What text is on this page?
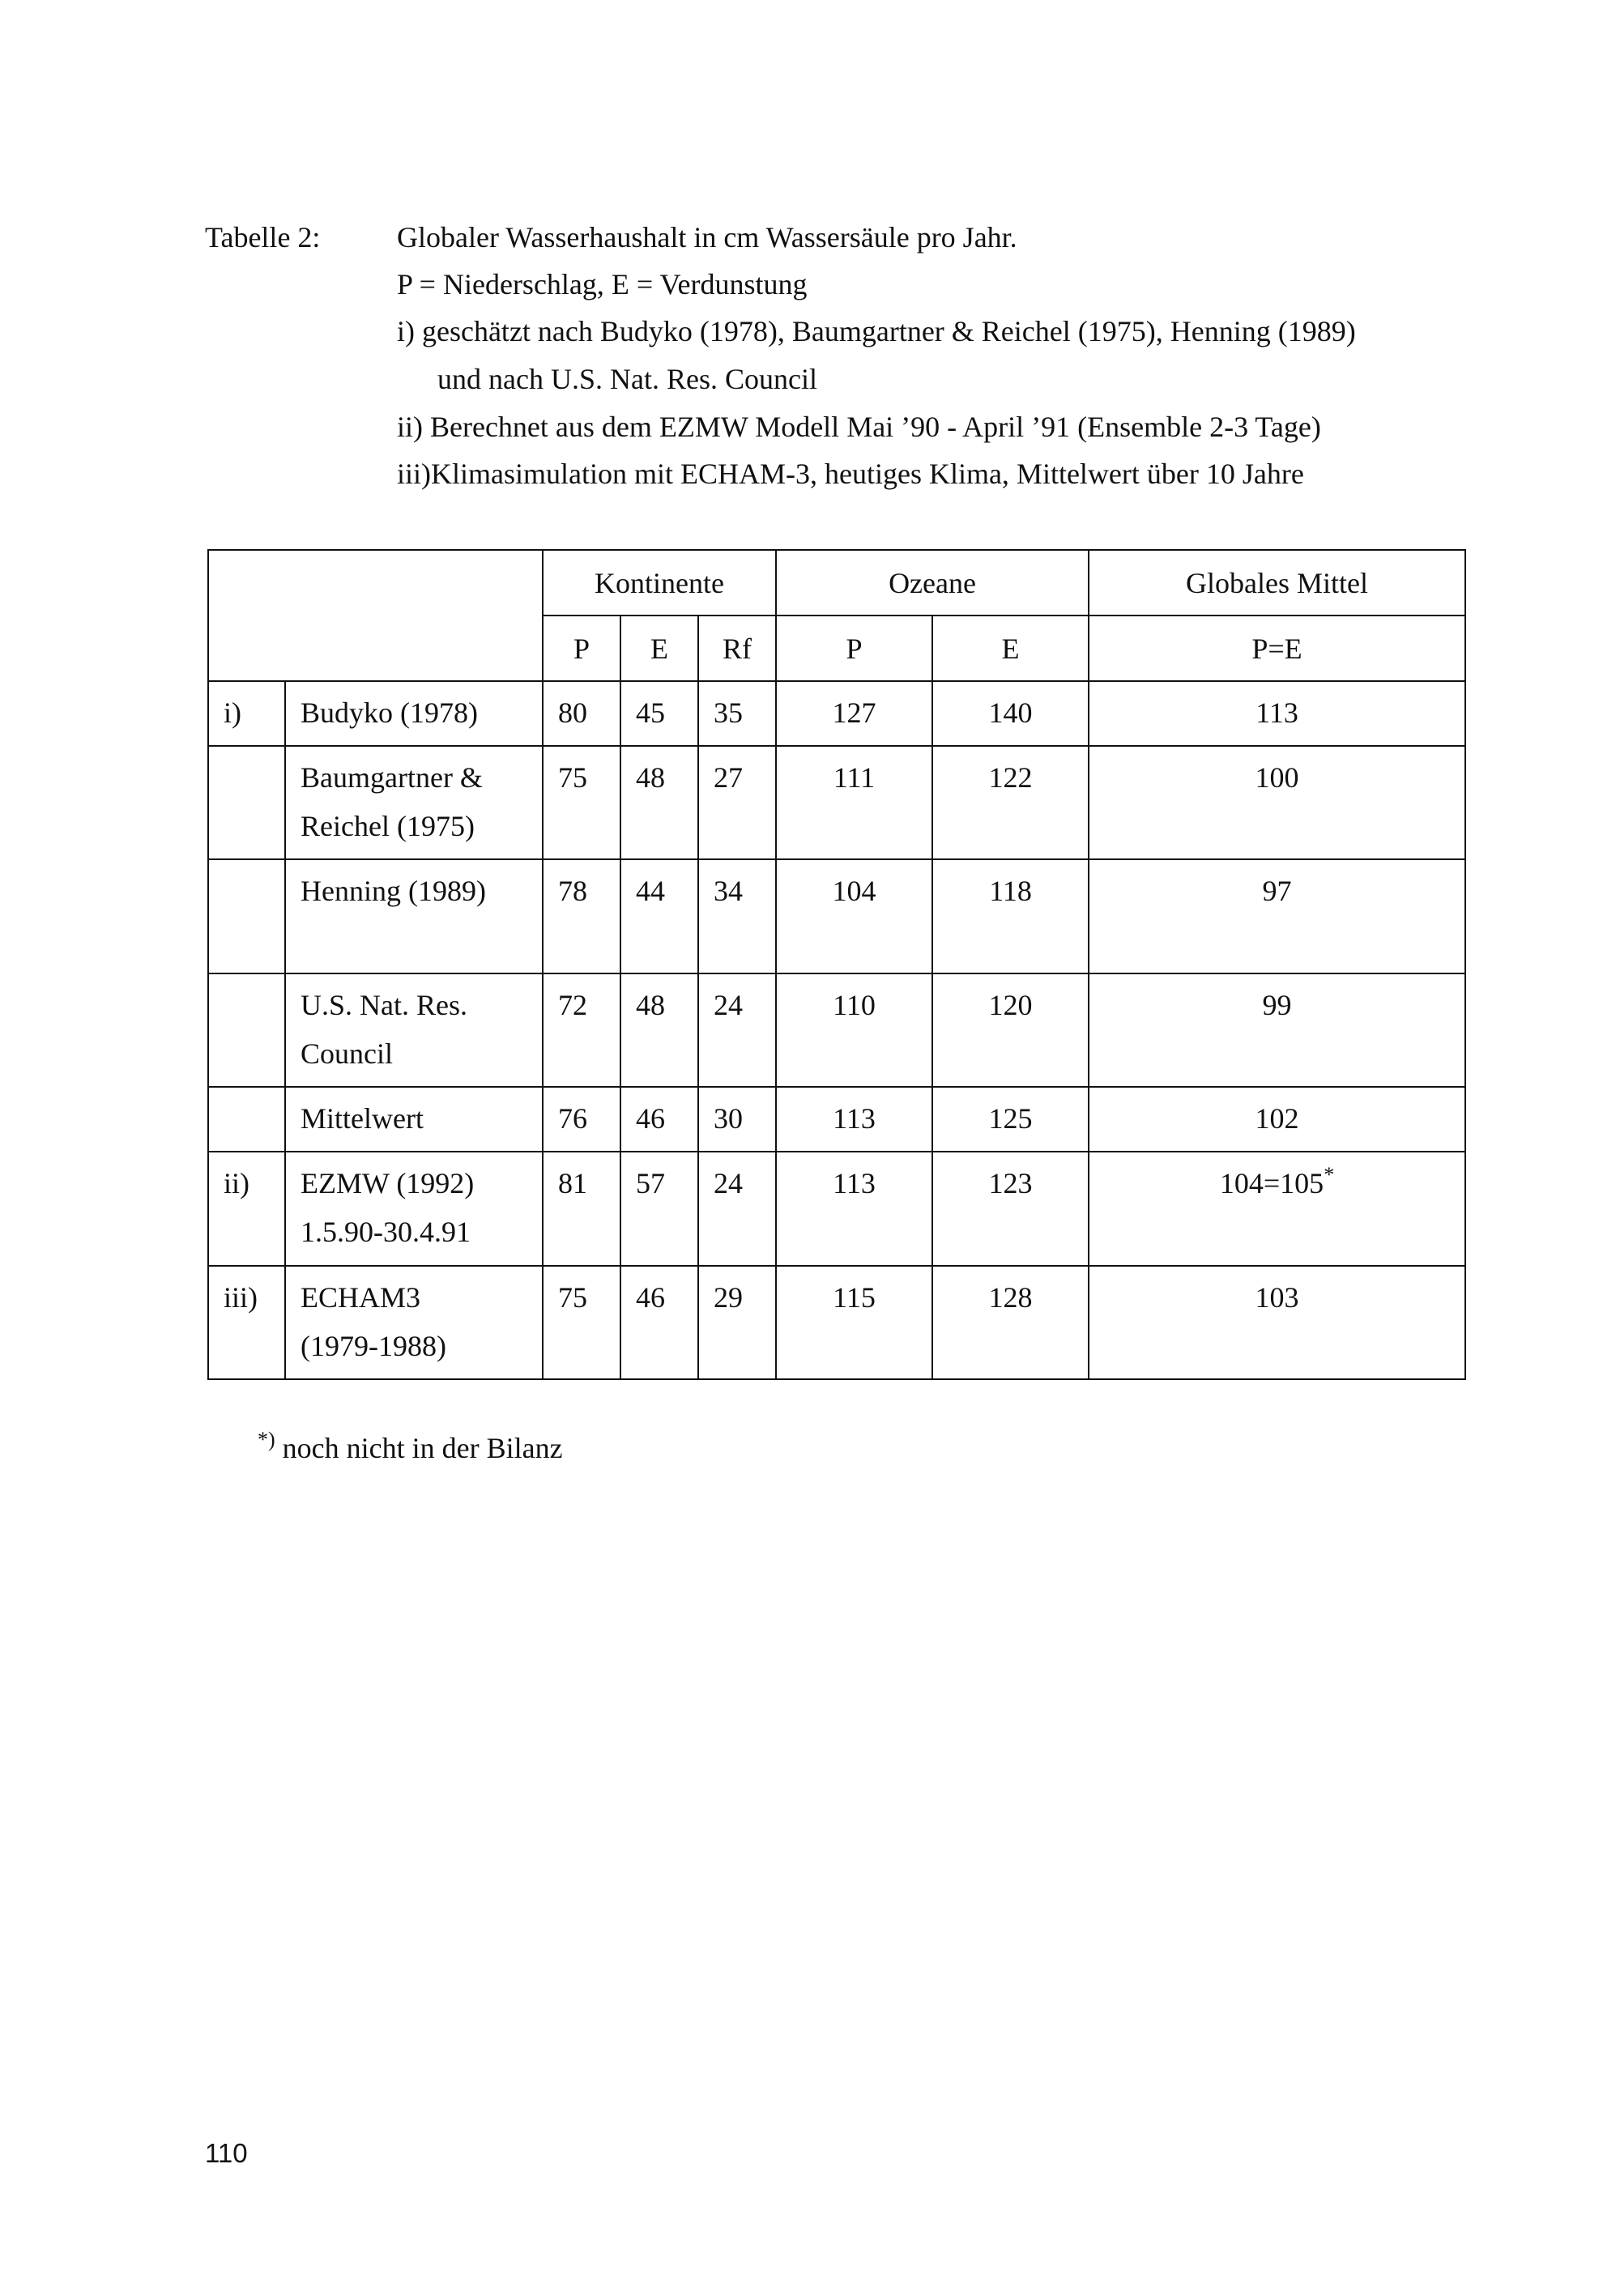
Tabelle 2:	Globaler Wasserhaushalt in cm Wassersäule pro Jahr.
P = Niederschlag, E = Verdunstung
i) geschätzt nach Budyko (1978), Baumgartner & Reichel (1975), Henning (1989)
und nach U.S. Nat. Res. Council
ii) Berechnet aus dem EZMW Modell Mai ’90 - April ’91 (Ensemble 2-3 Tage)
iii)Klimasimulation mit ECHAM-3, heutiges Klima, Mittelwert über 10 Jahre
		Kontinente			Ozeane		Globales Mittel
		P	E	Rf	P	E	P=E
i)	Budyko (1978)	80	45	35	127	140	113

	Baumgartner &
Reichel (1975)	75	48	27	111	122	100

	Henning (1989)	78	44	34	104	118	97

	U.S. Nat. Res.
Council	72	48	24	110	120	99

	Mittelwert	76	46	30	113	125	102
ii)	EZMW (1992)
1.5.90-30.4.91	81	57	24	113	123	104=105*
iii)	ECHAM3
(1979-1988)	75	46	29	115	128	103
*) noch nicht in der Bilanz
110
